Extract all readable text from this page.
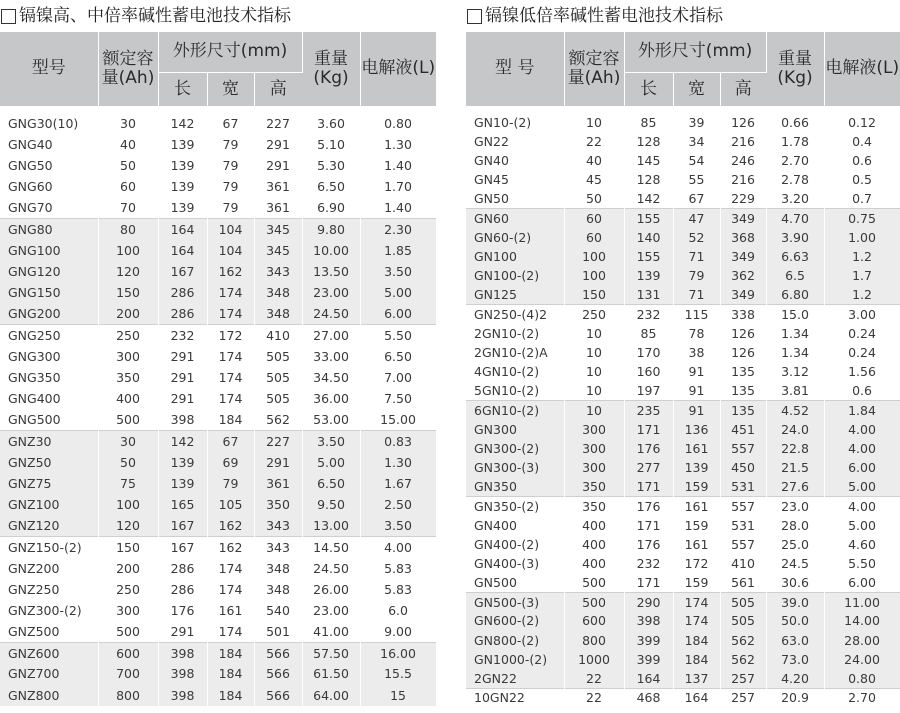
镉镍高、中倍率碱性蓄电池技术指标
型号	额定容量(Ah)	外形尺寸(mm)			重量(Kg)	电解液(L)
		长	宽	高		

GNG30(10)	30	142	67	227	3.60	0.80
GNG40	40	139	79	291	5.10	1.30
GNG50	50	139	79	291	5.30	1.40
GNG60	60	139	79	361	6.50	1.70
GNG70	70	139	79	361	6.90	1.40
GNG80	80	164	104	345	9.80	2.30
GNG100	100	164	104	345	10.00	1.85
GNG120	120	167	162	343	13.50	3.50
GNG150	150	286	174	348	23.00	5.00
GNG200	200	286	174	348	24.50	6.00
GNG250	250	232	172	410	27.00	5.50
GNG300	300	291	174	505	33.00	6.50
GNG350	350	291	174	505	34.50	7.00
GNG400	400	291	174	505	36.00	7.50
GNG500	500	398	184	562	53.00	15.00
GNZ30	30	142	67	227	3.50	0.83
GNZ50	50	139	69	291	5.00	1.30
GNZ75	75	139	79	361	6.50	1.67
GNZ100	100	165	105	350	9.50	2.50
GNZ120	120	167	162	343	13.00	3.50
GNZ150-(2)	150	167	162	343	14.50	4.00
GNZ200	200	286	174	348	24.50	5.83
GNZ250	250	286	174	348	26.00	5.83
GNZ300-(2)	300	176	161	540	23.00	6.0
GNZ500	500	291	174	501	41.00	9.00
GNZ600	600	398	184	566	57.50	16.00
GNZ700	700	398	184	566	61.50	15.5
GNZ800	800	398	184	566	64.00	15
镉镍低倍率碱性蓄电池技术指标
型 号	额定容量(Ah)	外形尺寸(mm)			重量(Kg)	电解液(L)
		长	宽	高		

GN10-(2)	10	85	39	126	0.66	0.12
GN22	22	128	34	216	1.78	0.4
GN40	40	145	54	246	2.70	0.6
GN45	45	128	55	216	2.78	0.5
GN50	50	142	67	229	3.20	0.7
GN60	60	155	47	349	4.70	0.75
GN60-(2)	60	140	52	368	3.90	1.00
GN100	100	155	71	349	6.63	1.2
GN100-(2)	100	139	79	362	6.5	1.7
GN125	150	131	71	349	6.80	1.2
GN250-(4)2	250	232	115	338	15.0	3.00
2GN10-(2)	10	85	78	126	1.34	0.24
2GN10-(2)A	10	170	38	126	1.34	0.24
4GN10-(2)	10	160	91	135	3.12	1.56
5GN10-(2)	10	197	91	135	3.81	0.6
6GN10-(2)	10	235	91	135	4.52	1.84
GN300	300	171	136	451	24.0	4.00
GN300-(2)	300	176	161	557	22.8	4.00
GN300-(3)	300	277	139	450	21.5	6.00
GN350	350	171	159	531	27.6	5.00
GN350-(2)	350	176	161	557	23.0	4.00
GN400	400	171	159	531	28.0	5.00
GN400-(2)	400	176	161	557	25.0	4.60
GN400-(3)	400	232	172	410	24.5	5.50
GN500	500	171	159	561	30.6	6.00
GN500-(3)	500	290	174	505	39.0	11.00
GN600-(2)	600	398	174	505	50.0	14.00
GN800-(2)	800	399	184	562	63.0	28.00
GN1000-(2)	1000	399	184	562	73.0	24.00
2GN22	22	164	137	257	4.20	0.80
10GN22	22	468	164	257	20.9	2.70
